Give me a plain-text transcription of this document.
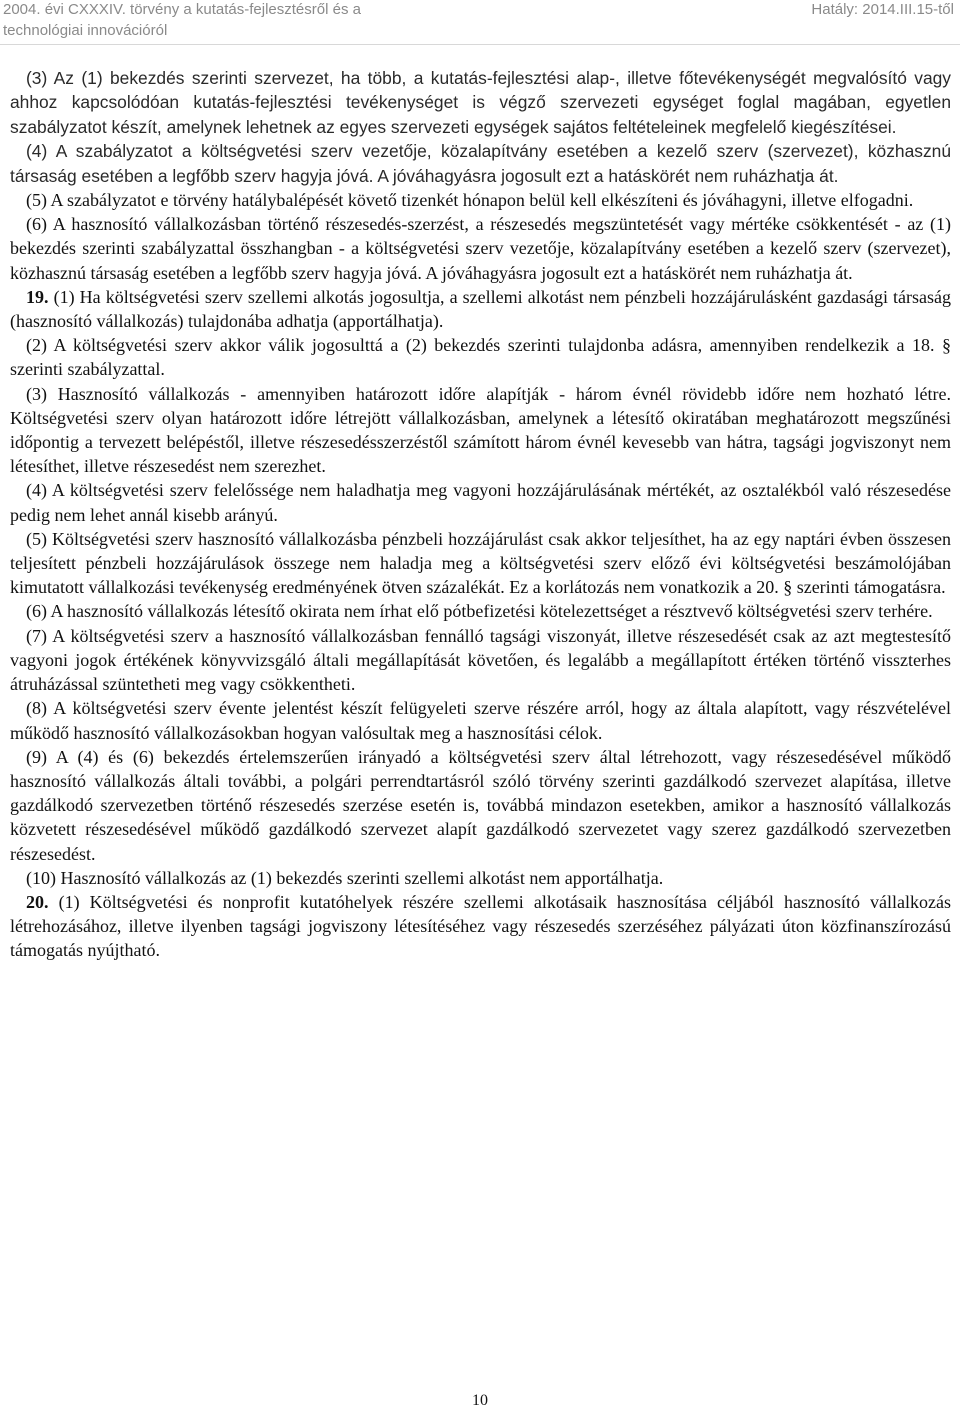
2004. évi CXXXIV. törvény a kutatás-fejlesztésről és a
technológiai innovációról
Hatály: 2014.III.15-től

(3) Az (1) bekezdés szerinti szervezet, ha több, a kutatás-fejlesztési alap-, illetve főtevékenységét megvalósító vagy ahhoz kapcsolódóan kutatás-fejlesztési tevékenységet is végző szervezeti egységet foglal magában, egyetlen szabályzatot készít, amelynek lehetnek az egyes szervezeti egységek sajátos feltételeinek megfelelő kiegészítései.

(4) A szabályzatot a költségvetési szerv vezetője, közalapítvány esetében a kezelő szerv (szervezet), közhasznú társaság esetében a legfőbb szerv hagyja jóvá. A jóváhagyásra jogosult ezt a hatáskörét nem ruházhatja át.

(5) A szabályzatot e törvény hatálybalépését követő tizenkét hónapon belül kell elkészíteni és jóváhagyni, illetve elfogadni.

(6) A hasznosító vállalkozásban történő részesedés-szerzést, a részesedés megszüntetését vagy mértéke csökkentését - az (1) bekezdés szerinti szabályzattal összhangban - a költségvetési szerv vezetője, közalapítvány esetében a kezelő szerv (szervezet), közhasznú társaság esetében a legfőbb szerv hagyja jóvá. A jóváhagyásra jogosult ezt a hatáskörét nem ruházhatja át.

19. (1) Ha költségvetési szerv szellemi alkotás jogosultja, a szellemi alkotást nem pénzbeli hozzájárulásként gazdasági társaság (hasznosító vállalkozás) tulajdonába adhatja (apportálhatja).

(2) A költségvetési szerv akkor válik jogosulttá a (2) bekezdés szerinti tulajdonba adásra, amennyiben rendelkezik a 18. § szerinti szabályzattal.

(3) Hasznosító vállalkozás - amennyiben határozott időre alapítják - három évnél rövidebb időre nem hozható létre. Költségvetési szerv olyan határozott időre létrejött vállalkozásban, amelynek a létesítő okiratában meghatározott megszűnési időpontig a tervezett belépéstől, illetve részesedésszerzéstől számított három évnél kevesebb van hátra, tagsági jogviszonyt nem létesíthet, illetve részesedést nem szerezhet.

(4) A költségvetési szerv felelőssége nem haladhatja meg vagyoni hozzájárulásának mértékét, az osztalékból való részesedése pedig nem lehet annál kisebb arányú.

(5) Költségvetési szerv hasznosító vállalkozásba pénzbeli hozzájárulást csak akkor teljesíthet, ha az egy naptári évben összesen teljesített pénzbeli hozzájárulások összege nem haladja meg a költségvetési szerv előző évi költségvetési beszámolójában kimutatott vállalkozási tevékenység eredményének ötven százalékát. Ez a korlátozás nem vonatkozik a 20. § szerinti támogatásra.

(6) A hasznosító vállalkozás létesítő okirata nem írhat elő pótbefizetési kötelezettséget a résztvevő költségvetési szerv terhére.

(7) A költségvetési szerv a hasznosító vállalkozásban fennálló tagsági viszonyát, illetve részesedését csak az azt megtestesítő vagyoni jogok értékének könyvvizsgáló általi megállapítását követően, és legalább a megállapított értéken történő visszterhes átruházással szüntetheti meg vagy csökkentheti.

(8) A költségvetési szerv évente jelentést készít felügyeleti szerve részére arról, hogy az általa alapított, vagy részvételével működő hasznosító vállalkozásokban hogyan valósultak meg a hasznosítási célok.

(9) A (4) és (6) bekezdés értelemszerűen irányadó a költségvetési szerv által létrehozott, vagy részesedésével működő hasznosító vállalkozás általi további, a polgári perrendtartásról szóló törvény szerinti gazdálkodó szervezet alapítása, illetve gazdálkodó szervezetben történő részesedés szerzése esetén is, továbbá mindazon esetekben, amikor a hasznosító vállalkozás közvetett részesedésével működő gazdálkodó szervezet alapít gazdálkodó szervezetet vagy szerez gazdálkodó szervezetben részesedést.

(10) Hasznosító vállalkozás az (1) bekezdés szerinti szellemi alkotást nem apportálhatja.

20. (1) Költségvetési és nonprofit kutatóhelyek részére szellemi alkotásaik hasznosítása céljából hasznosító vállalkozás létrehozásához, illetve ilyenben tagsági jogviszony létesítéséhez vagy részesedés szerzéséhez pályázati úton közfinanszírozású támogatás nyújtható.

10
